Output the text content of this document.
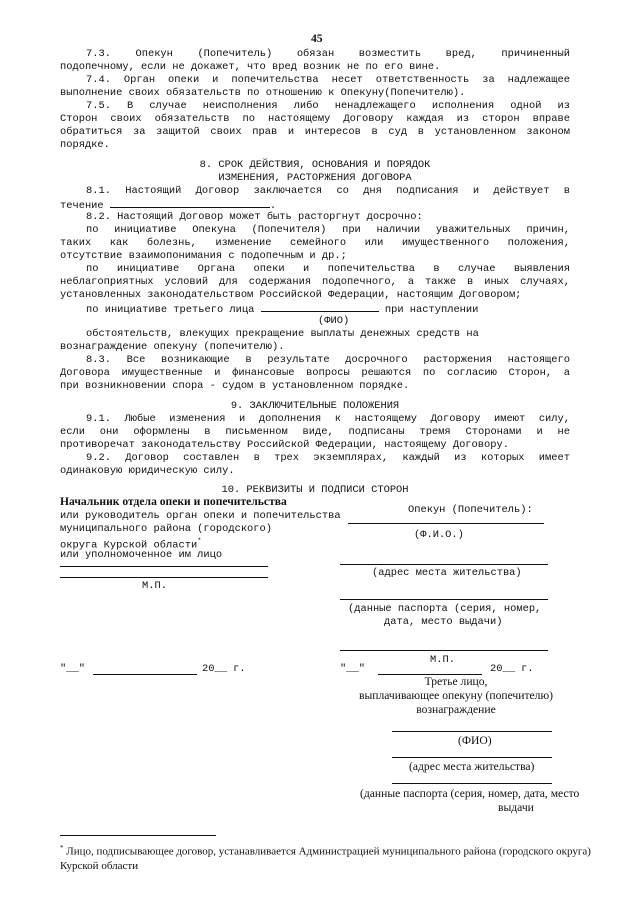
45
7.3. Опекун (Попечитель) обязан возместить вред, причиненный
подопечному, если не докажет, что вред возник не по его вине.
7.4. Орган опеки и попечительства несет ответственность за надлежащее
выполнение своих обязательств по отношению к Опекуну(Попечителю).
7.5. В случае неисполнения либо ненадлежащего исполнения одной из
Сторон своих обязательств по настоящему Договору каждая из сторон вправе
обратиться за защитой своих прав и интересов в суд в установленном законом
порядке.
8. СРОК ДЕЙСТВИЯ, ОСНОВАНИЯ И ПОРЯДОК
ИЗМЕНЕНИЯ, РАСТОРЖЕНИЯ ДОГОВОРА
8.1. Настоящий Договор заключается со дня подписания и действует в
течение	.
8.2. Настоящий Договор может быть расторгнут досрочно:
по инициативе Опекуна (Попечителя) при наличии уважительных причин,
таких как болезнь, изменение семейного или имущественного положения,
отсутствие взаимопонимания с подопечным и др.;
по инициативе Органа опеки и попечительства в случае выявления
неблагоприятных условий для содержания подопечного, а также в иных случаях,
установленных законодательством Российской Федерации, настоящим Договором;
по инициативе третьего лица	при наступлении
(ФИО)
обстоятельств, влекущих прекращение выплаты денежных средств на
вознаграждение опекуну (попечителю).
8.3. Все возникающие в результате досрочного расторжения настоящего
Договора имущественные и финансовые вопросы решаются по согласию Сторон, а
при возникновении спора - судом в установленном порядке.
9. ЗАКЛЮЧИТЕЛЬНЫЕ ПОЛОЖЕНИЯ
9.1. Любые изменения и дополнения к настоящему Договору имеют силу,
если они оформлены в письменном виде, подписаны тремя Сторонами и не
противоречат законодательству Российской Федерации, настоящему Договору.
9.2. Договор составлен в трех экземплярах, каждый из которых имеет
одинаковую юридическую силу.
10. РЕКВИЗИТЫ И ПОДПИСИ СТОРОН
Начальник отдела опеки и попечительства
или руководитель орган опеки и попечительства
муниципального района (городского)
округа Курской области*
или уполномоченное им лицо
М.П.
"__"	20__ г.
Опекун (Попечитель):
(Ф.И.О.)
(адрес места жительства)
(данные паспорта (серия, номер,
дата, место выдачи)
М.П.
"__"	20__ г.
Третье лицо,
выплачивающее опекуну (попечителю)
вознаграждение
(ФИО)
(адрес места жительства)
(данные паспорта (серия, номер, дата, место
выдачи
* Лицо, подписывающее договор, устанавливается Администрацией муниципального района (городского округа)
Курской области
